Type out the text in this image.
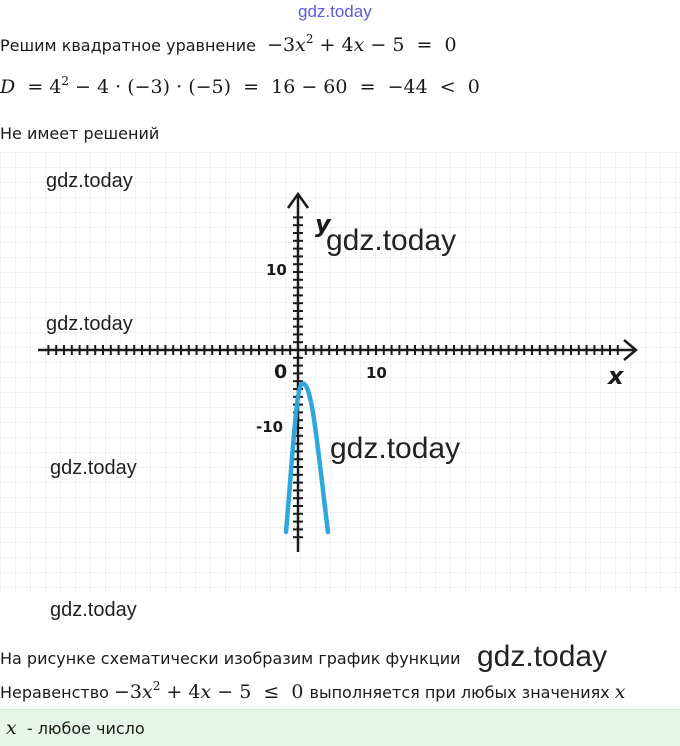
gdz.today
Решим квадратное уравнение  $-3x^2 + 4x - 5 = 0$
$D = 4^2 - 4 \cdot (-3) \cdot (-5) = 16 - 60 = -44 < 0$
Не имеет решений
y
x
0	10
10
-10
gdz.today
gdz.today
gdz.today
gdz.today
gdz.today
gdz.today
На рисунке схематически изобразим график функции gdz.today
Неравенство $-3x^2 + 4x - 5 \le 0$ выполняется при любых значениях x
x - любое число
